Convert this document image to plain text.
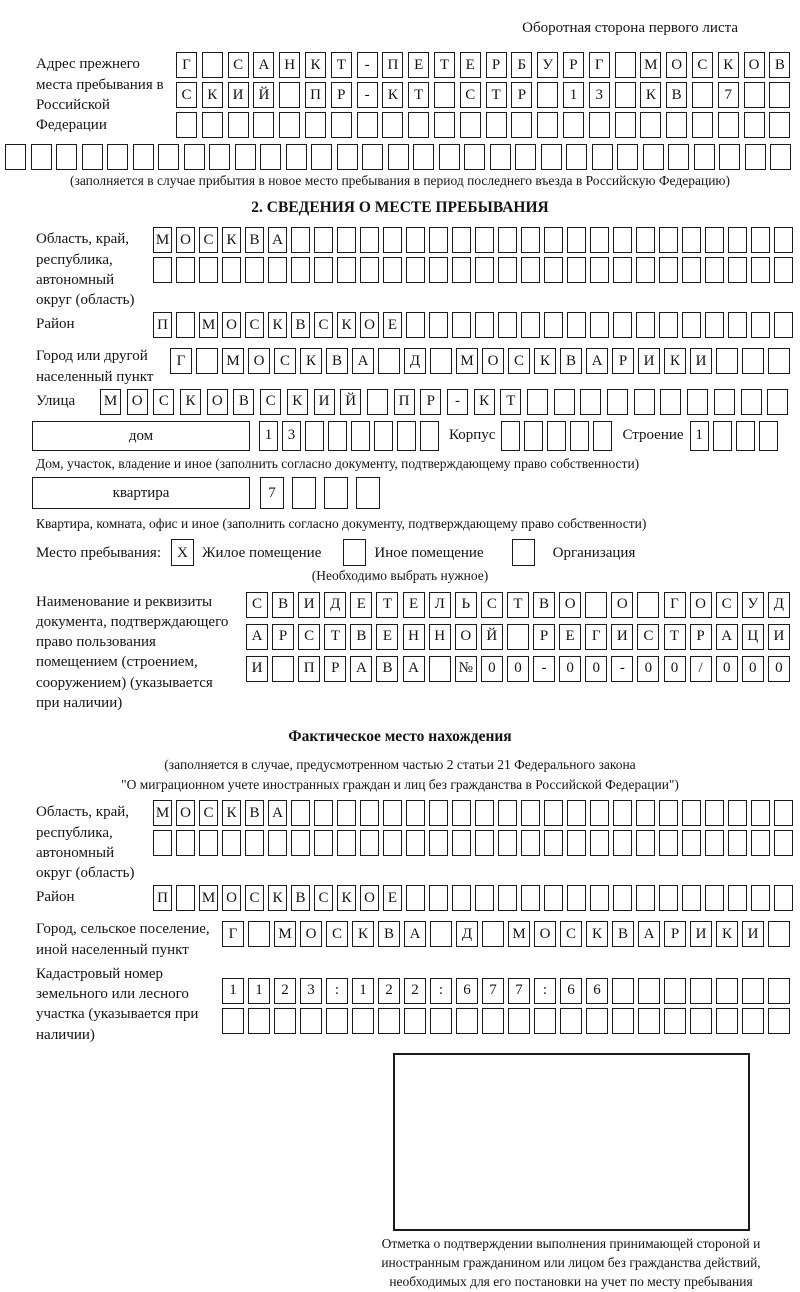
Оборотная сторона первого листа
Адрес прежнего места пребывания в Российской Федерации
Г	С	А Н	К	Т	-	П	Е	Т	Е	Р	Б	У	Р	Г	М О	С	К	О	В
С	К	И Й	П	Р	-	К	Т	С	Т	Р	1	3	К	В	7
(заполняется в случае прибытия в новое место пребывания в период последнего въезда в Российскую Федерацию)
2. СВЕДЕНИЯ О МЕСТЕ ПРЕБЫВАНИЯ
Область, край, республика, автономный округ (область)
М О С К В А
Район	П М О С К В С К О Е
Город или другой населенный пункт
Г	М О	С	К	В	А	Д	М О	С	К	В	А	Р	И	К	И
Улица	М О	С	К	О	В	С	К	И	Й	П	Р	-	К	Т
дом	1	3	Корпус	Строение 1
Дом, участок, владение и иное (заполнить согласно документу, подтверждающему право собственности)
квартира	7
Квартира, комната, офис и иное (заполнить согласно документу, подтверждающему право собственности)
Место пребывания:	X Жилое помещение	Иное помещение	Организация
(Необходимо выбрать нужное)
Наименование и реквизиты документа, подтверждающего право пользования помещением (строением, сооружением) (указывается при наличии)
С	В	И	Д	Е	Т	Е	Л	Ь	С	Т	В	О	О	Г	О	С	У	Д
А	Р	С	Т	В	Е	Н	Н	О	Й	Р	Е	Г	И	С	Т	Р	А	Ц	И
И	П	Р	А	В	А	№	0	0	-	0	0	-	0	0	/	0	0	0
Фактическое место нахождения
(заполняется в случае, предусмотренном частью 2 статьи 21 Федерального закона
"О миграционном учете иностранных граждан и лиц без гражданства в Российской Федерации")
Область, край, республика, автономный округ (область)
М О С К В А
Район	П М О С К В С К О Е
Город, сельское поселение, иной населенный пункт
Г	М О	С	К	В	А	Д	М О	С	К	В	А	Р	И	К	И
Кадастровый номер земельного или лесного участка (указывается при наличии)
1	1	2	3	:	1	2	2	:	6	7	7	:	6	6
Отметка о подтверждении выполнения принимающей стороной и иностранным гражданином или лицом без гражданства действий, необходимых для его постановки на учет по месту пребывания
